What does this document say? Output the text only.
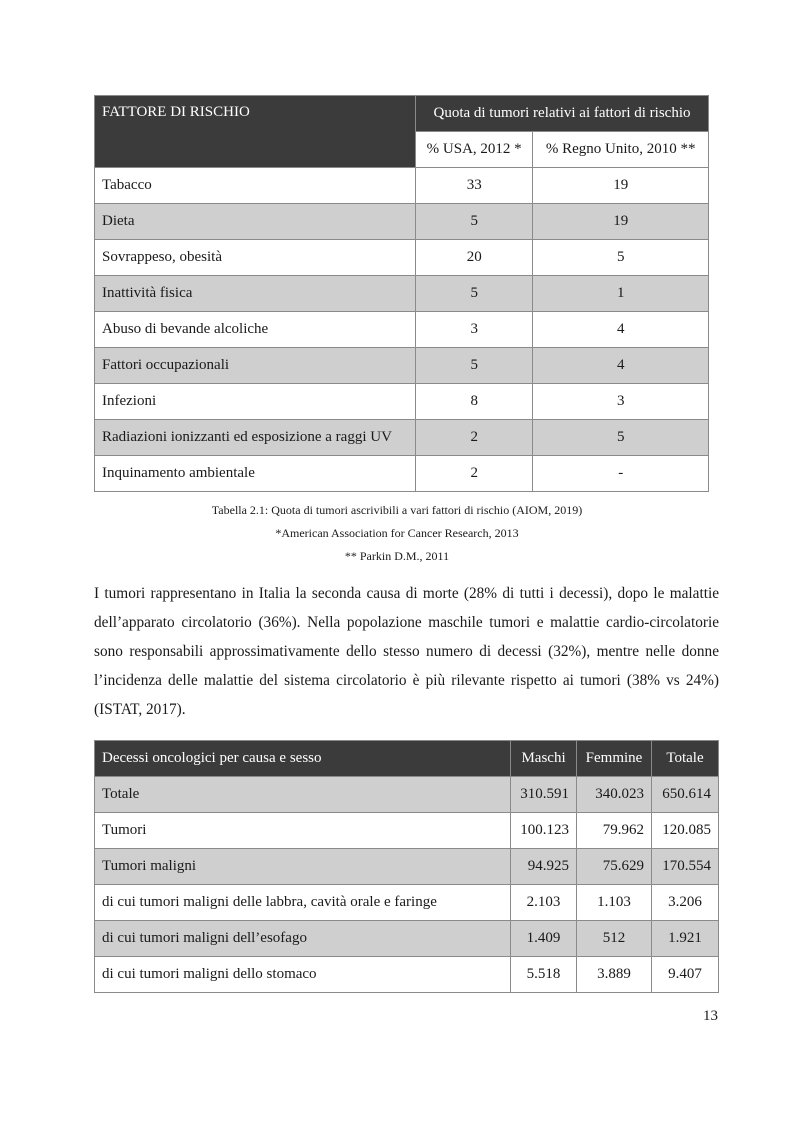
FATTORE DI RISCHIO	Quota di tumori relativi ai fattori di rischio	
	% USA, 2012 *	% Regno Unito, 2010 **
Tabacco	33	19
Dieta	5	19
Sovrappeso, obesità	20	5
Inattività fisica	5	1
Abuso di bevande alcoliche	3	4
Fattori occupazionali	5	4
Infezioni	8	3
Radiazioni ionizzanti ed esposizione a raggi UV	2	5
Inquinamento ambientale	2	-
Tabella 2.1: Quota di tumori ascrivibili a vari fattori di rischio (AIOM, 2019)
*American Association for Cancer Research, 2013
** Parkin D.M., 2011

I tumori rappresentano in Italia la seconda causa di morte (28% di tutti i decessi), dopo le malattie dell’apparato circolatorio (36%). Nella popolazione maschile tumori e malattie cardio-circolatorie sono responsabili approssimativamente dello stesso numero di decessi (32%), mentre nelle donne l’incidenza delle malattie del sistema circolatorio è più rilevante rispetto ai tumori (38% vs 24%) (ISTAT, 2017).

Decessi oncologici per causa e sesso	Maschi	Femmine	Totale
Totale	310.591	340.023	650.614
Tumori	100.123	79.962	120.085
Tumori maligni	94.925	75.629	170.554
di cui tumori maligni delle labbra, cavità orale e faringe	2.103	1.103	3.206
di cui tumori maligni dell’esofago	1.409	512	1.921
di cui tumori maligni dello stomaco	5.518	3.889	9.407
13
